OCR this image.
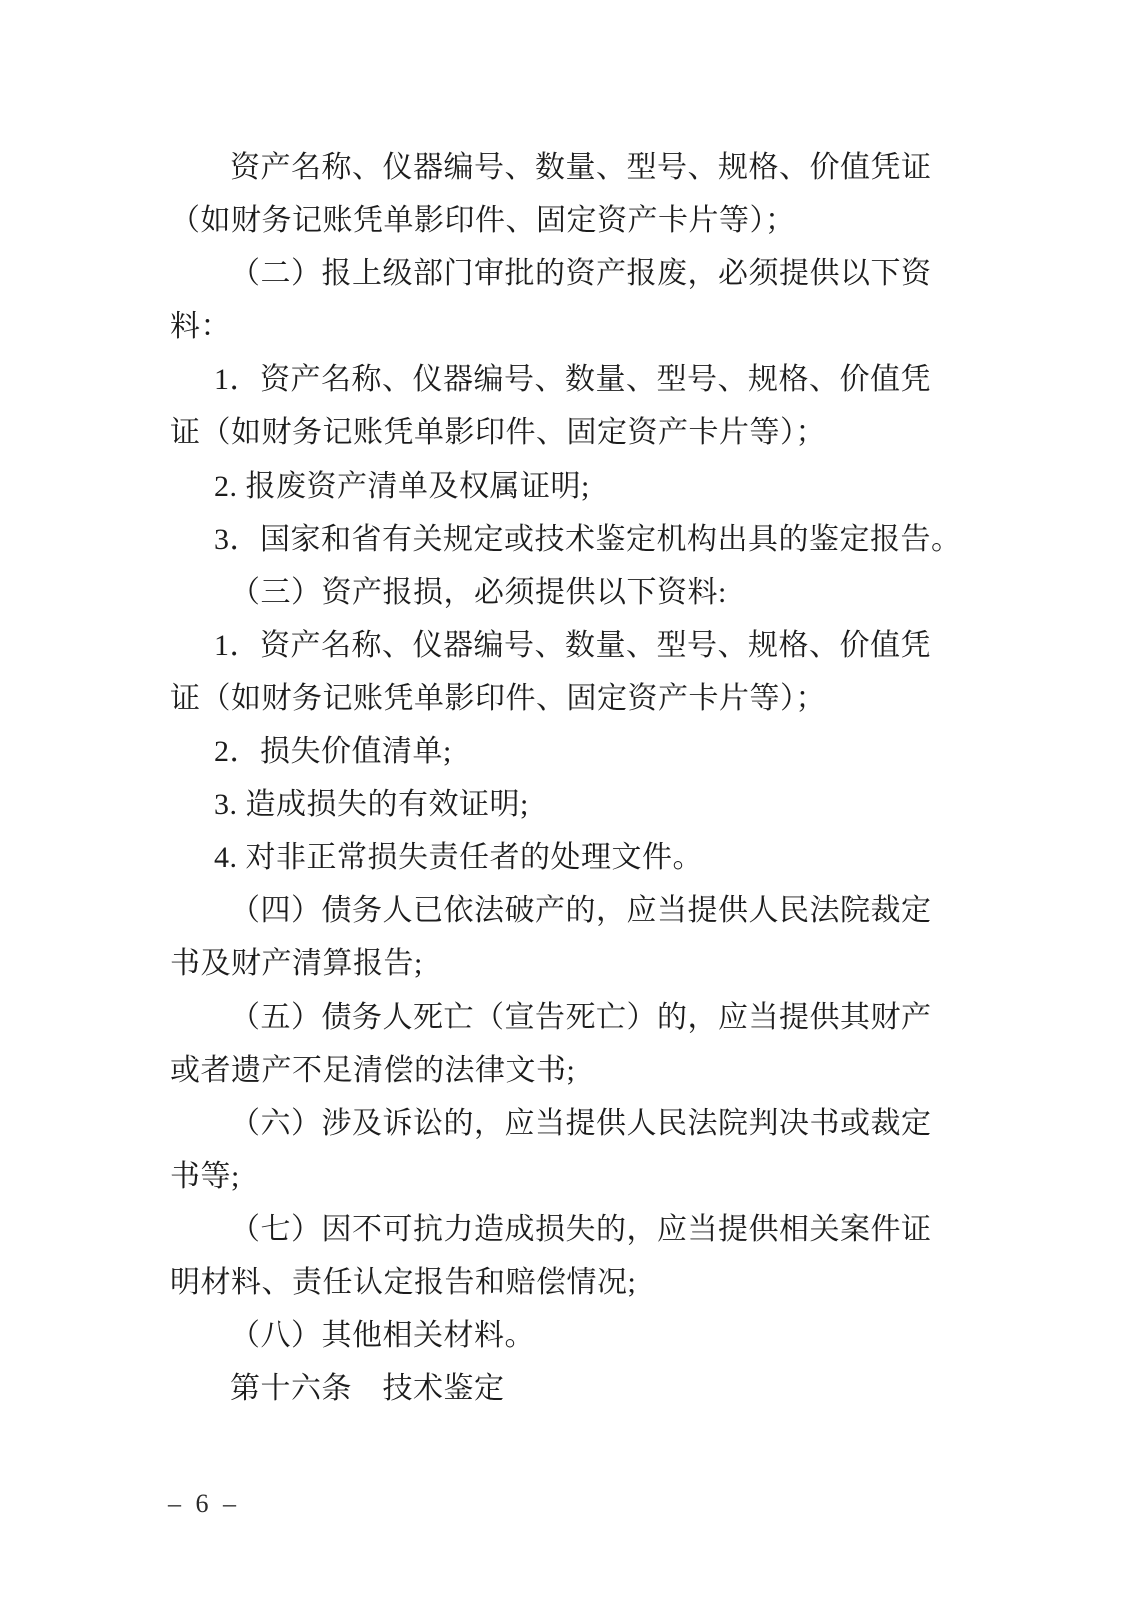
资产名称、仪器编号、数量、型号、规格、价值凭证
（如财务记账凭单影印件、固定资产卡片等）；
（二）报上级部门审批的资产报废，必须提供以下资
料：
1．资产名称、仪器编号、数量、型号、规格、价值凭
证（如财务记账凭单影印件、固定资产卡片等）；
2. 报废资产清单及权属证明;
3．国家和省有关规定或技术鉴定机构出具的鉴定报告。
（三）资产报损，必须提供以下资料:
1．资产名称、仪器编号、数量、型号、规格、价值凭
证（如财务记账凭单影印件、固定资产卡片等）；
2．损失价值清单;
3. 造成损失的有效证明;
4. 对非正常损失责任者的处理文件。
（四）债务人已依法破产的，应当提供人民法院裁定
书及财产清算报告;
（五）债务人死亡（宣告死亡）的，应当提供其财产
或者遗产不足清偿的法律文书;
（六）涉及诉讼的，应当提供人民法院判决书或裁定
书等;
（七）因不可抗力造成损失的，应当提供相关案件证
明材料、责任认定报告和赔偿情况;
（八）其他相关材料。
第十六条　技术鉴定
– 6 –
